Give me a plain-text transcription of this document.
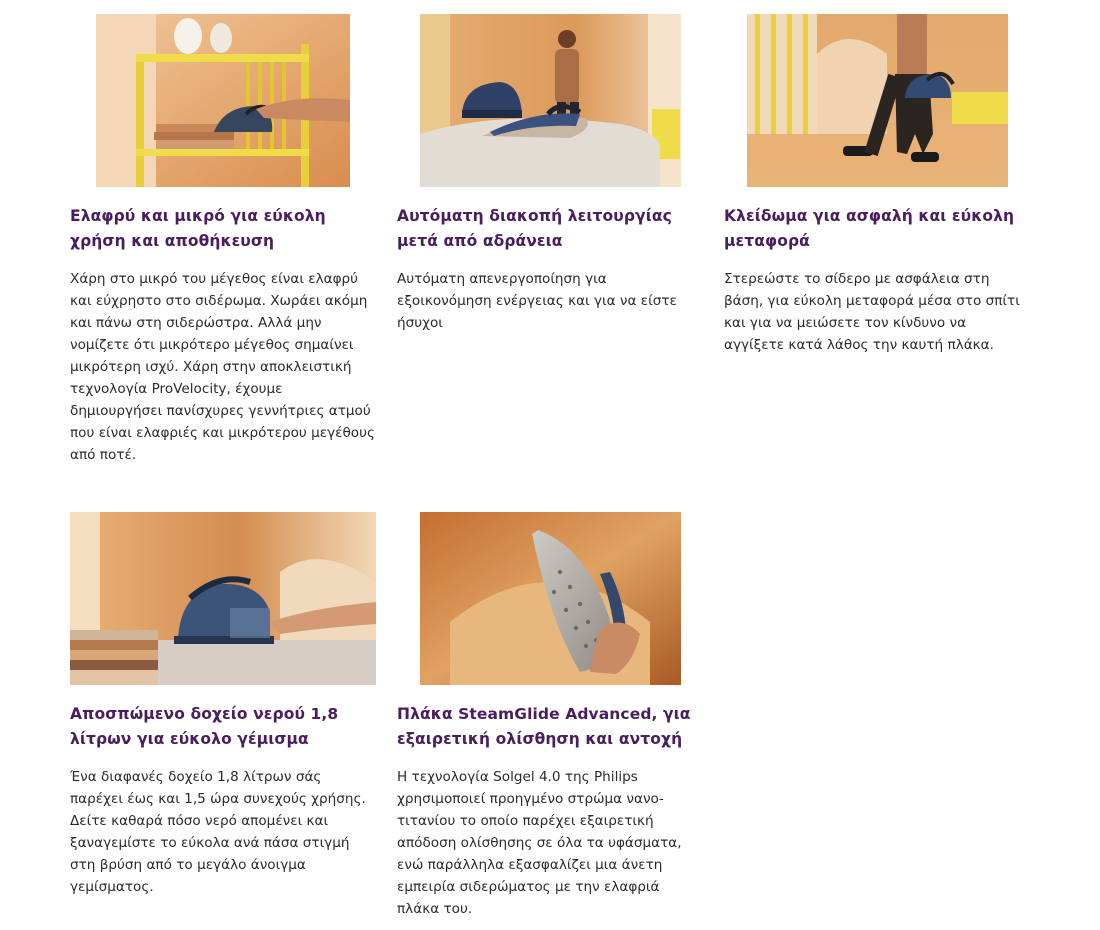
Ελαφρύ και μικρό για εύκολη χρήση και αποθήκευση

Χάρη στο μικρό του μέγεθος είναι ελαφρύ και εύχρηστο στο σιδέρωμα. Χωράει ακόμη και πάνω στη σιδερώστρα. Αλλά μην νομίζετε ότι μικρότερο μέγεθος σημαίνει μικρότερη ισχύ. Χάρη στην αποκλειστική τεχνολογία ProVelocity, έχουμε δημιουργήσει πανίσχυρες γεννήτριες ατμού που είναι ελαφριές και μικρότερου μεγέθους από ποτέ.

Αυτόματη διακοπή λειτουργίας μετά από αδράνεια

Αυτόματη απενεργοποίηση για εξοικονόμηση ενέργειας και για να είστε ήσυχοι

Κλείδωμα για ασφαλή και εύκολη μεταφορά

Στερεώστε το σίδερο με ασφάλεια στη βάση, για εύκολη μεταφορά μέσα στο σπίτι και για να μειώσετε τον κίνδυνο να αγγίξετε κατά λάθος την καυτή πλάκα.

Αποσπώμενο δοχείο νερού 1,8 λίτρων για εύκολο γέμισμα

Ένα διαφανές δοχείο 1,8 λίτρων σάς παρέχει έως και 1,5 ώρα συνεχούς χρήσης. Δείτε καθαρά πόσο νερό απομένει και ξαναγεμίστε το εύκολα ανά πάσα στιγμή στη βρύση από το μεγάλο άνοιγμα γεμίσματος.

Πλάκα SteamGlide Advanced, για εξαιρετική ολίσθηση και αντοχή

Η τεχνολογία Solgel 4.0 της Philips χρησιμοποιεί προηγμένο στρώμα νανο-τιτανίου το οποίο παρέχει εξαιρετική απόδοση ολίσθησης σε όλα τα υφάσματα, ενώ παράλληλα εξασφαλίζει μια άνετη εμπειρία σιδερώματος με την ελαφριά πλάκα του.
